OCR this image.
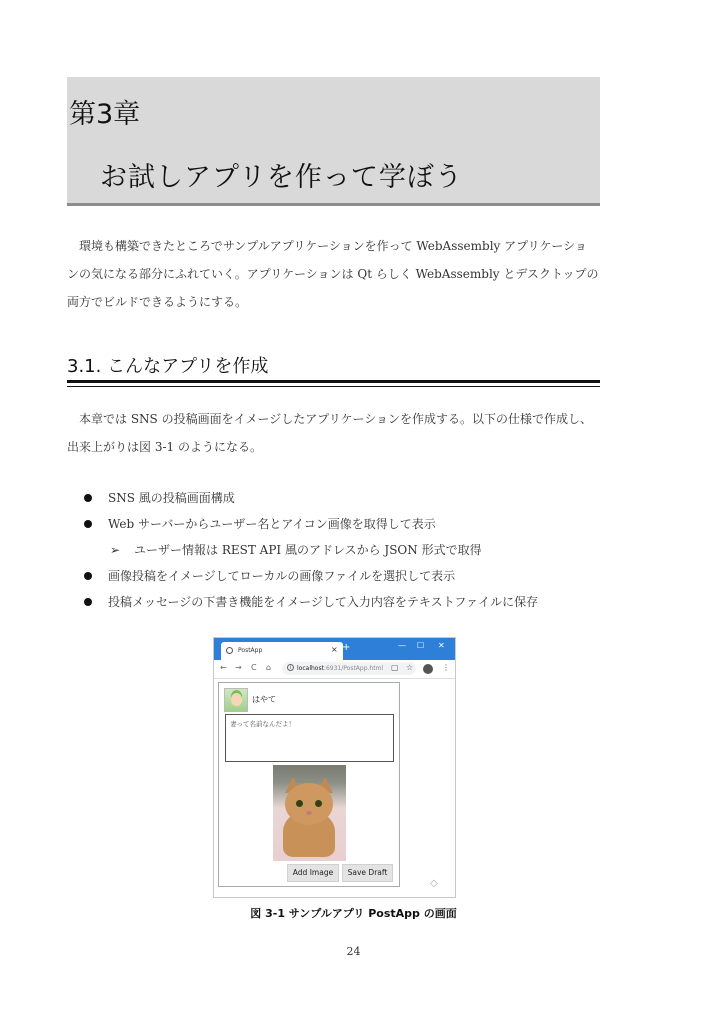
第3章
お試しアプリを作って学ぼう
環境も構築できたところでサンプルアプリケーションを作って WebAssembly アプリケーショ
ンの気になる部分にふれていく。アプリケーションは Qt らしく WebAssembly とデスクトップの
両方でビルドできるようにする。
3.1. こんなアプリを作成
本章では SNS の投稿画面をイメージしたアプリケーションを作成する。以下の仕様で作成し、
出来上がりは図 3-1 のようになる。
SNS 風の投稿画面構成
Web サーバーからユーザー名とアイコン画像を取得して表示
➢ ユーザー情報は REST API 風のアドレスから JSON 形式で取得
画像投稿をイメージしてローカルの画像ファイルを選択して表示
投稿メッセージの下書き機能をイメージして入力内容をテキストファイルに保存
PostApp	× +	— ☐ ✕
← → C ⌂	i localhost:6931/PostApp.html ▢ ☆	⋮
はやて
妻って名前なんだよ！
Add Image	Save Draft
◇
図 3-1 サンプルアプリ PostApp の画面
24
